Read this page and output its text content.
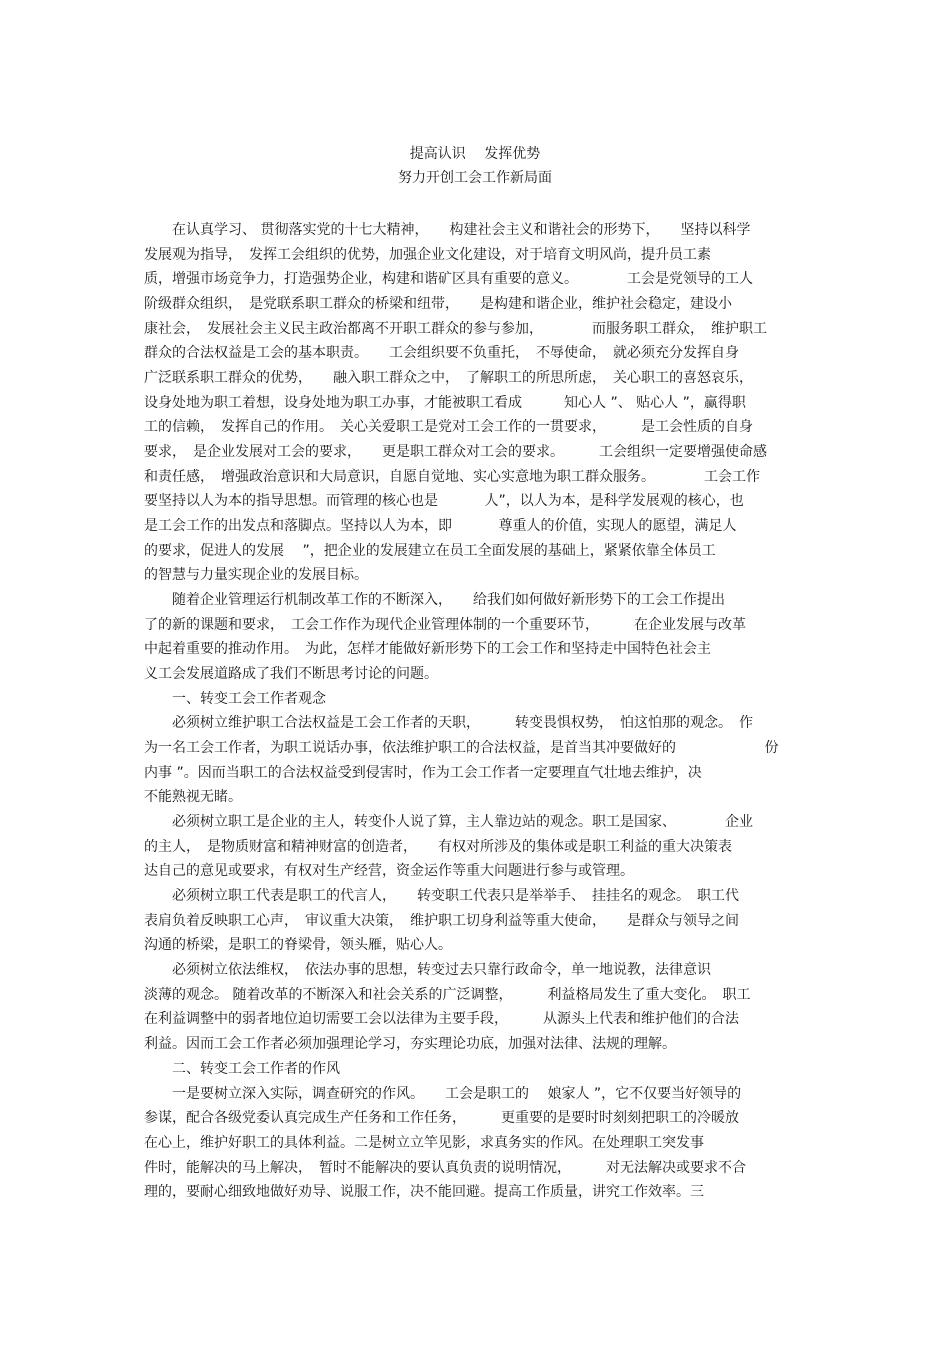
提高认识　 发挥优势
努力开创工会工作新局面
　　在认真学习、 贯彻落实党的十七大精神，　　构建社会主义和谐社会的形势下，　　坚持以科学
发展观为指导，　发挥工会组织的优势，加强企业文化建设，对于培育文明风尚，提升员工素
质，增强市场竞争力，打造强势企业，构建和谐矿区具有重要的意义。　　　　工会是党领导的工人
阶级群众组织，　是党联系职工群众的桥梁和纽带，　　是构建和谐企业，维护社会稳定，建设小
康社会，　发展社会主义民主政治都离不开职工群众的参与参加，　　　　而服务职工群众，　维护职工
群众的合法权益是工会的基本职责。　　工会组织要不负重托，　不辱使命，　就必须充分发挥自身
广泛联系职工群众的优势，　　融入职工群众之中，　了解职工的所思所虑，　关心职工的喜怒哀乐，
设身处地为职工着想，设身处地为职工办事，才能被职工看成　　　知心人 ”、 贴心人 ”，赢得职
工的信赖，　发挥自己的作用。　关心关爱职工是党对工会工作的一贯要求，　　　是工会性质的自身
要求，　是企业发展对工会的要求，　　更是职工群众对工会的要求。　　　工会组织一定要增强使命感
和责任感，　增强政治意识和大局意识，自愿自觉地、实心实意地为职工群众服务。　　　　工会工作
要坚持以人为本的指导思想。而管理的核心也是　　　 人”，以人为本，是科学发展观的核心，也
是工会工作的出发点和落脚点。坚持以人为本，即　　　 尊重人的价值，实现人的愿望，满足人
的要求，促进人的发展　 ”，把企业的发展建立在员工全面发展的基础上，紧紧依靠全体员工
的智慧与力量实现企业的发展目标。
　　随着企业管理运行机制改革工作的不断深入，　　给我们如何做好新形势下的工会工作提出
了的新的课题和要求，　工会工作作为现代企业管理体制的一个重要环节，　　　在企业发展与改革
中起着重要的推动作用。　为此，怎样才能做好新形势下的工会工作和坚持走中国特色社会主
义工会发展道路成了我们不断思考讨论的问题。
　　一、转变工会工作者观念
　　必须树立维护职工合法权益是工会工作者的天职，　　　转变畏惧权势，　怕这怕那的观念。　作
为一名工会工作者，为职工说话办事，依法维护职工的合法权益，是首当其冲要做好的　　　　　　 份
内事 ”。因而当职工的合法权益受到侵害时，作为工会工作者一定要理直气壮地去维护，决
不能熟视无睹。
　　必须树立职工是企业的主人，转变仆人说了算，主人靠边站的观念。职工是国家、　　　　企业
的主人，　是物质财富和精神财富的创造者，　　有权对所涉及的集体或是职工利益的重大决策表
达自己的意见或要求，有权对生产经营，资金运作等重大问题进行参与或管理。
　　必须树立职工代表是职工的代言人，　　转变职工代表只是举举手、　挂挂名的观念。　职工代
表肩负着反映职工心声，　审议重大决策，　维护职工切身利益等重大使命，　　是群众与领导之间
沟通的桥梁，是职工的脊梁骨，领头雁，贴心人。
　　必须树立依法维权，　依法办事的思想，转变过去只靠行政命令，单一地说教，法律意识
淡薄的观念。 随着改革的不断深入和社会关系的广泛调整，　　　利益格局发生了重大变化。　职工
在利益调整中的弱者地位迫切需要工会以法律为主要手段，　　　从源头上代表和维护他们的合法
利益。因而工会工作者必须加强理论学习，夯实理论功底，加强对法律、法规的理解。
　　二、转变工会工作者的作风
　　一是要树立深入实际，调查研究的作风。　　工会是职工的　 娘家人 ”，它不仅要当好领导的
参谋，配合各级党委认真完成生产任务和工作任务，　　　更重要的是要时时刻刻把职工的冷暖放
在心上，维护好职工的具体利益。二是树立立竿见影，求真务实的作风。在处理职工突发事
件时，能解决的马上解决，　暂时不能解决的要认真负责的说明情况，　　　对无法解决或要求不合
理的，要耐心细致地做好劝导、说服工作，决不能回避。提高工作质量，讲究工作效率。三
